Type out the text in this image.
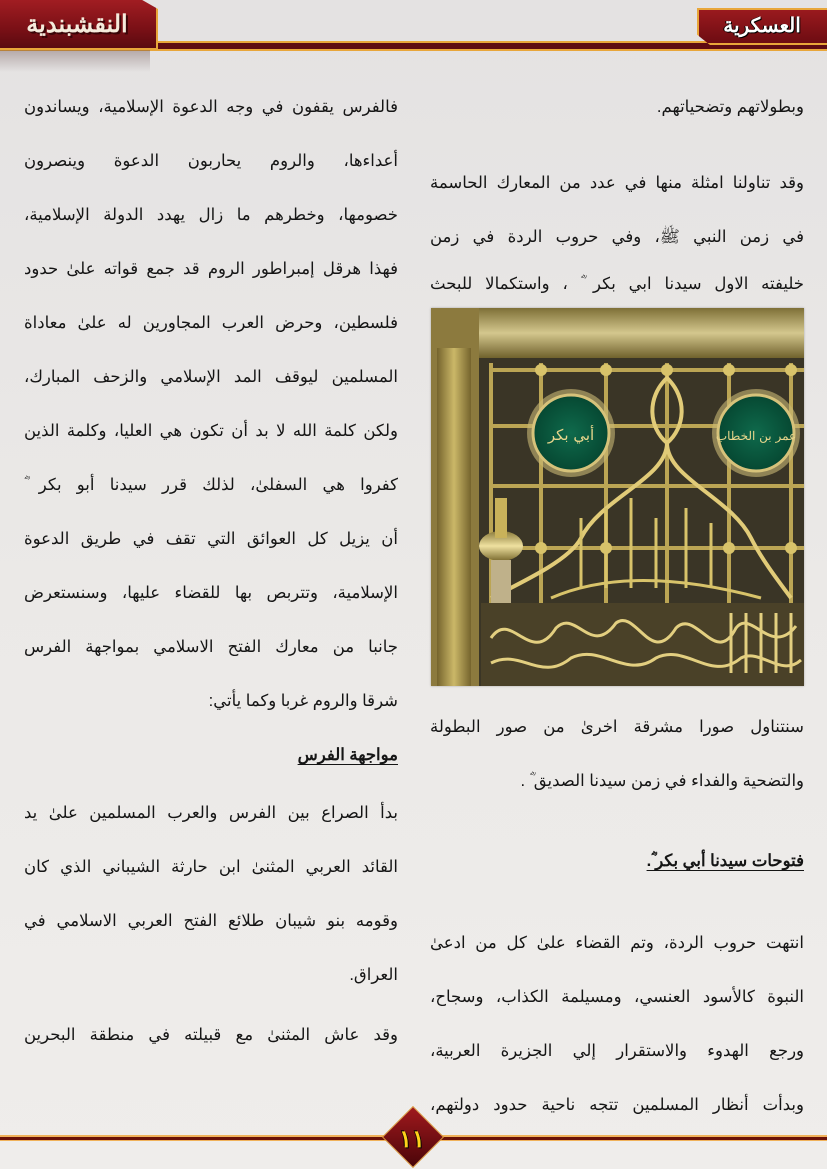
النقشبندية	العسكرية

وبطولاتهم وتضحياتهم.

وقد تناولنا امثلة منها في عدد من المعارك الحاسمة
في زمن النبي ﷺ، وفي حروب الردة في زمن
خليفته الاول سيدنا ابي بكر ؓ ، واستكمالا للبحث

سنتناول صورا مشرقة اخرىٰ من صور البطولة
والتضحية والفداء في زمن سيدنا الصديق ؓ .

فتوحات سيدنا أبي بكر ؓ.

انتهت حروب الردة، وتم القضاء علىٰ كل من ادعىٰ
النبوة كالأسود العنسي، ومسيلمة الكذاب، وسجاح،
ورجع الهدوء والاستقرار إلي الجزيرة العربية،
وبدأت أنظار المسلمين تتجه ناحية حدود دولتهم،

أبي بكر	عمر بن الخطاب

فالفرس يقفون في وجه الدعوة الإسلامية، ويساندون
أعداءها، والروم يحاربون الدعوة وينصرون
خصومها، وخطرهم ما زال يهدد الدولة الإسلامية،
فهذا هرقل إمبراطور الروم قد جمع قواته علىٰ حدود
فلسطين، وحرض العرب المجاورين له علىٰ معاداة
المسلمين ليوقف المد الإسلامي والزحف المبارك،
ولكن كلمة الله لا بد أن تكون هي العليا، وكلمة الذين
كفروا هي السفلىٰ، لذلك قرر سيدنا أبو بكر ؓ
أن يزيل كل العوائق التي تقف في طريق الدعوة
الإسلامية، وتتربص بها للقضاء عليها، وسنستعرض
جانبا من معارك الفتح الاسلامي بمواجهة الفرس
شرقا والروم غربا وكما يأتي:

مواجهة الفرس

بدأ الصراع بين الفرس والعرب المسلمين علىٰ يد
القائد العربي المثنىٰ ابن حارثة الشيباني الذي كان
وقومه بنو شيبان طلائع الفتح العربي الاسلامي في
العراق.

وقد عاش المثنىٰ مع قبيلته في منطقة البحرين

١١
